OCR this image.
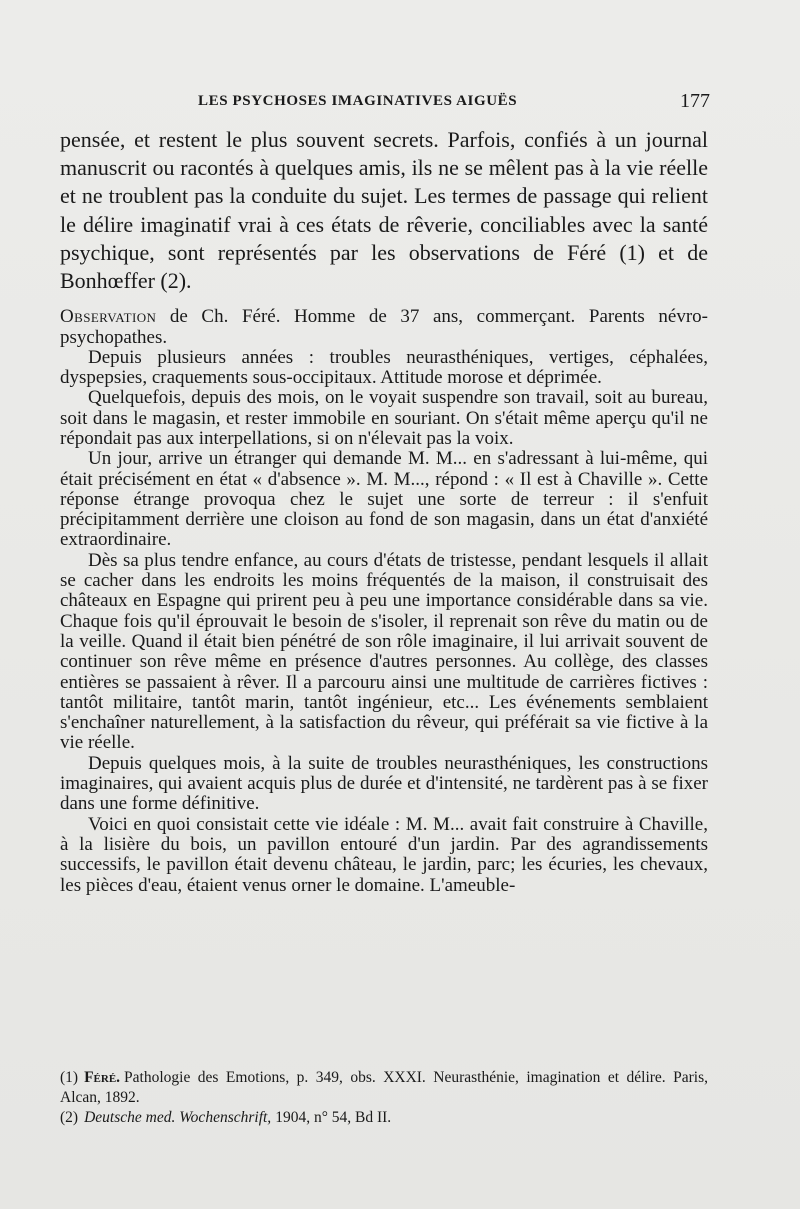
LES PSYCHOSES IMAGINATIVES AIGUËS	177

pensée, et restent le plus souvent secrets. Parfois, confiés à un journal manuscrit ou racontés à quelques amis, ils ne se mêlent pas à la vie réelle et ne troublent pas la conduite du sujet. Les termes de passage qui relient le délire imaginatif vrai à ces états de rêverie, conciliables avec la santé psychique, sont représentés par les observations de Féré (1) et de Bonhœffer (2).

Observation de Ch. Féré. Homme de 37 ans, commerçant. Parents névro-psychopathes.

Depuis plusieurs années : troubles neurasthéniques, vertiges, céphalées, dyspepsies, craquements sous-occipitaux. Attitude morose et déprimée.

Quelquefois, depuis des mois, on le voyait suspendre son travail, soit au bureau, soit dans le magasin, et rester immobile en souriant. On s'était même aperçu qu'il ne répondait pas aux interpellations, si on n'élevait pas la voix.

Un jour, arrive un étranger qui demande M. M... en s'adressant à lui-même, qui était précisément en état « d'absence ». M. M..., répond : « Il est à Chaville ». Cette réponse étrange provoqua chez le sujet une sorte de terreur : il s'enfuit précipitamment derrière une cloison au fond de son magasin, dans un état d'anxiété extraordinaire.

Dès sa plus tendre enfance, au cours d'états de tristesse, pendant lesquels il allait se cacher dans les endroits les moins fréquentés de la maison, il construisait des châteaux en Espagne qui prirent peu à peu une importance considérable dans sa vie. Chaque fois qu'il éprouvait le besoin de s'isoler, il reprenait son rêve du matin ou de la veille. Quand il était bien pénétré de son rôle imaginaire, il lui arrivait souvent de continuer son rêve même en présence d'autres personnes. Au collège, des classes entières se passaient à rêver. Il a parcouru ainsi une multitude de carrières fictives : tantôt militaire, tantôt marin, tantôt ingénieur, etc... Les événements semblaient s'enchaîner naturellement, à la satisfaction du rêveur, qui préférait sa vie fictive à la vie réelle.

Depuis quelques mois, à la suite de troubles neurasthéniques, les constructions imaginaires, qui avaient acquis plus de durée et d'intensité, ne tardèrent pas à se fixer dans une forme définitive.

Voici en quoi consistait cette vie idéale : M. M... avait fait construire à Chaville, à la lisière du bois, un pavillon entouré d'un jardin. Par des agrandissements successifs, le pavillon était devenu château, le jardin, parc; les écuries, les chevaux, les pièces d'eau, étaient venus orner le domaine. L'ameuble-

(1) Féré. Pathologie des Emotions, p. 349, obs. XXXI. Neurasthénie, imagination et délire. Paris, Alcan, 1892.

(2) Deutsche med. Wochenschrift, 1904, n° 54, Bd II.
